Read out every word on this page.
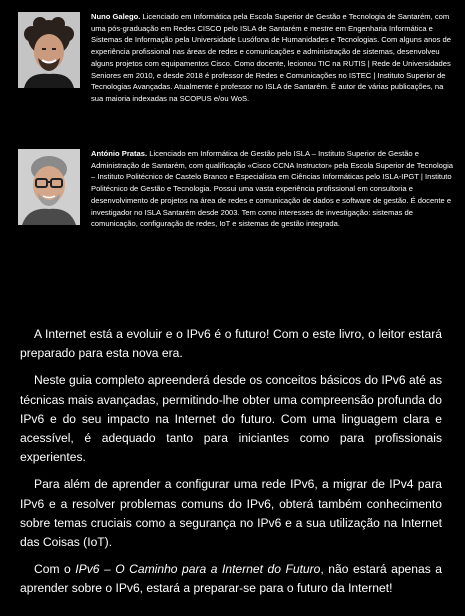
Nuno Galego. Licenciado em Informática pela Escola Superior de Gestão e Tecnologia de Santarém, com uma pós-graduação em Redes CISCO pelo ISLA de Santarém e mestre em Engenharia Informática e Sistemas de Informação pela Universidade Lusófona de Humanidades e Tecnologias. Com alguns anos de experiência profissional nas áreas de redes e comunicações e administração de sistemas, desenvolveu alguns projetos com equipamentos Cisco. Como docente, lecionou TIC na RUTIS | Rede de Universidades Seniores em 2010, e desde 2018 é professor de Redes e Comunicações no ISTEC | Instituto Superior de Tecnologias Avançadas. Atualmente é professor no ISLA de Santarém. É autor de várias publicações, na sua maioria indexadas na SCOPUS e/ou WoS.
António Pratas. Licenciado em Informática de Gestão pelo ISLA – Instituto Superior de Gestão e Administração de Santarém, com qualificação «Cisco CCNA Instructor» pela Escola Superior de Tecnologia – Instituto Politécnico de Castelo Branco e Especialista em Ciências Informáticas pelo ISLA-IPGT | Instituto Politécnico de Gestão e Tecnologia. Possui uma vasta experiência profissional em consultoria e desenvolvimento de projetos na área de redes e comunicação de dados e software de gestão. É docente e investigador no ISLA Santarém desde 2003. Tem como interesses de investigação: sistemas de comunicação, configuração de redes, IoT e sistemas de gestão integrada.

A Internet está a evoluir e o IPv6 é o futuro! Com o este livro, o leitor estará preparado para esta nova era.

Neste guia completo apreenderá desde os conceitos básicos do IPv6 até as técnicas mais avançadas, permitindo-lhe obter uma compreensão profunda do IPv6 e do seu impacto na Internet do futuro. Com uma linguagem clara e acessível, é adequado tanto para iniciantes como para profissionais experientes.

Para além de aprender a configurar uma rede IPv6, a migrar de IPv4 para IPv6 e a resolver problemas comuns do IPv6, obterá também conhecimento sobre temas cruciais como a segurança no IPv6 e a sua utilização na Internet das Coisas (IoT).

Com o IPv6 – O Caminho para a Internet do Futuro, não estará apenas a aprender sobre o IPv6, estará a preparar-se para o futuro da Internet!
